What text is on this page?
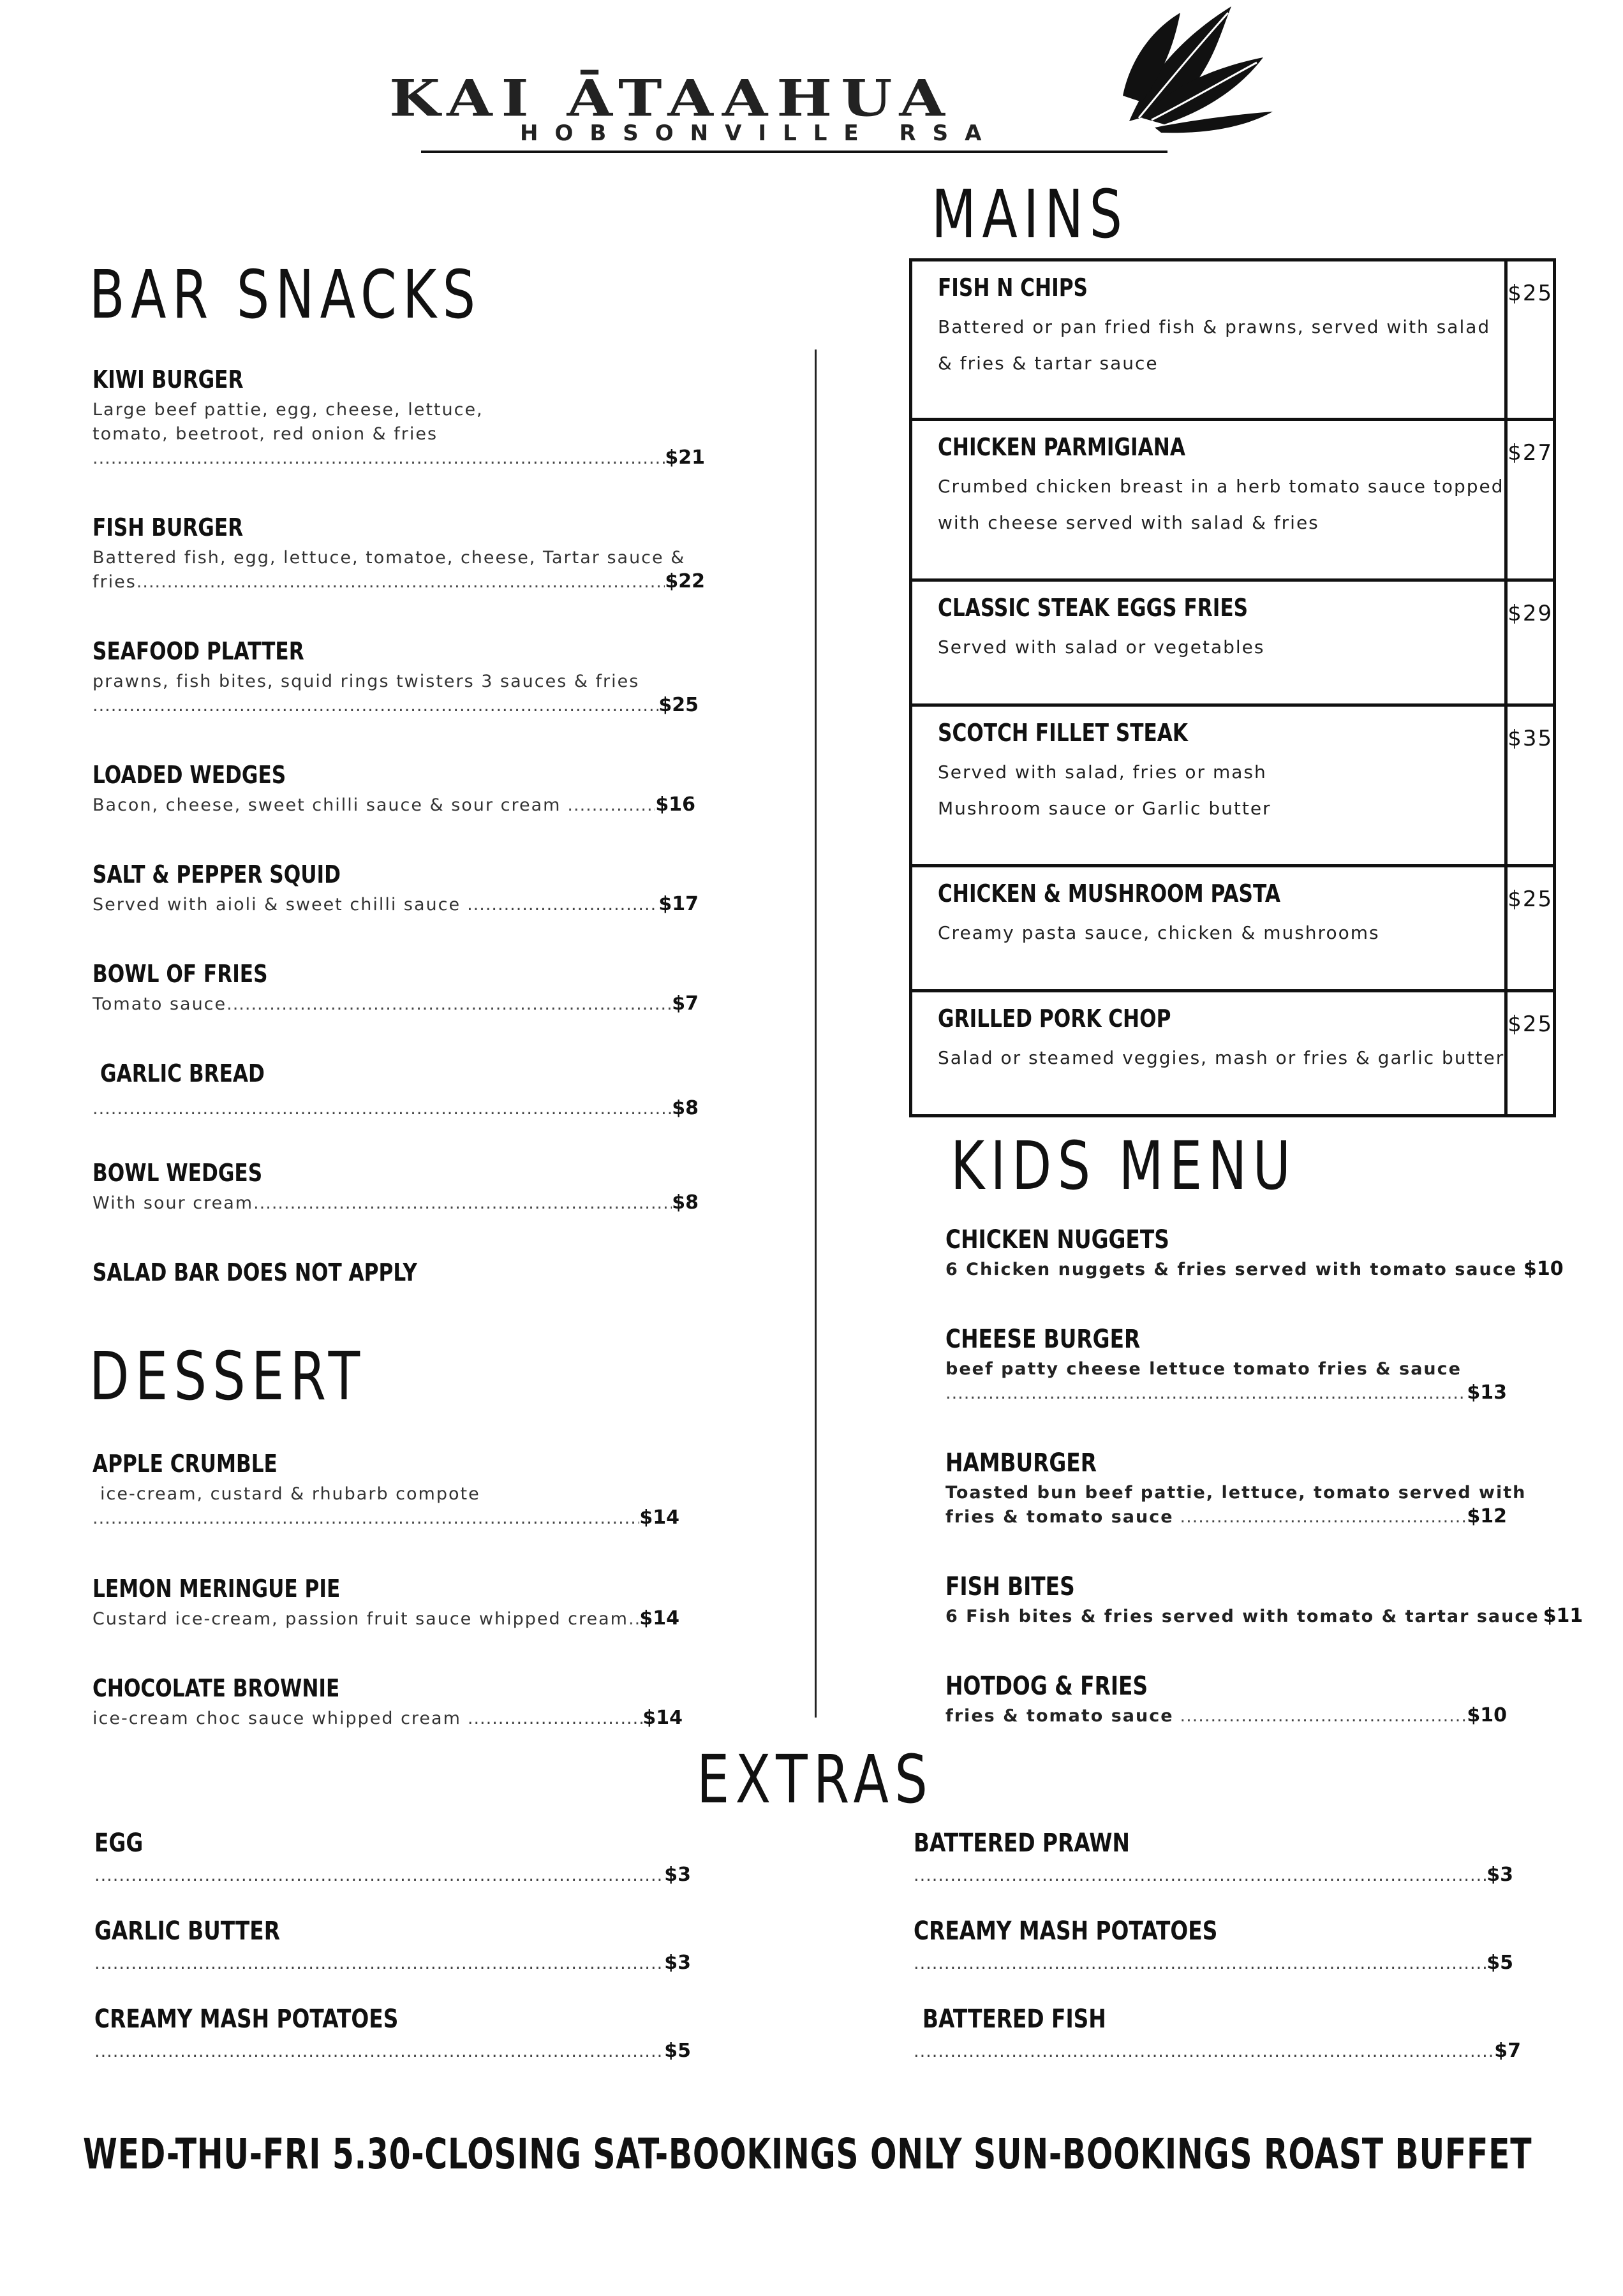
KAI ĀTAAHUA
HOBSONVILLE RSA
BAR SNACKS
KIWI BURGER
Large beef pattie, egg, cheese, lettuce,
tomato, beetroot, red onion & fries
.....
$21
FISH BURGER
Battered fish, egg, lettuce, tomatoe, cheese, Tartar sauce &
fries .....	$22
SEAFOOD PLATTER
prawns, fish bites, squid rings twisters 3 sauces & fries
.....
$25
LOADED WEDGES
Bacon, cheese, sweet chilli sauce & sour cream .....	$16
SALT & PEPPER SQUID
Served with aioli & sweet chilli sauce .....	$17
BOWL OF FRIES
Tomato sauce .....	$7
GARLIC BREAD
.....
$8
BOWL WEDGES
With sour cream .....	$8
SALAD BAR DOES NOT APPLY
DESSERT
APPLE CRUMBLE
ice-cream, custard & rhubarb compote
.....
$14
LEMON MERINGUE PIE
Custard ice-cream, passion fruit sauce whipped cream ..... $14
CHOCOLATE BROWNIE
ice-cream choc sauce whipped cream .....	$14
MAINS
FISH N CHIPS
Battered or pan fried fish & prawns, served with salad
& fries & tartar sauce	$25

CHICKEN PARMIGIANA
Crumbed chicken breast in a herb tomato sauce topped
with cheese served with salad & fries	$27

CLASSIC STEAK EGGS FRIES
Served with salad or vegetables	$29

SCOTCH FILLET STEAK
Served with salad, fries or mash
Mushroom sauce or Garlic butter	$35

CHICKEN & MUSHROOM PASTA
Creamy pasta sauce, chicken & mushrooms	$25

GRILLED PORK CHOP
Salad or steamed veggies, mash or fries & garlic butter	$25
KIDS MENU
CHICKEN NUGGETS
6 Chicken nuggets & fries served with tomato sauce $10
CHEESE BURGER
beef patty cheese lettuce tomato fries & sauce
.....
$13
HAMBURGER
Toasted bun beef pattie, lettuce, tomato served with
fries & tomato sauce .....	$12
FISH BITES
6 Fish bites & fries served with tomato & tartar sauce $11
HOTDOG & FRIES
fries & tomato sauce .....	$10
EXTRAS
EGG
.....
$3
GARLIC BUTTER
.....
$3
CREAMY MASH POTATOES
.....
$5
BATTERED PRAWN
.....
$3
CREAMY MASH POTATOES
.....
$5
BATTERED FISH
.....
$7
WED-THU-FRI 5.30-CLOSING SAT-BOOKINGS ONLY SUN-BOOKINGS ROAST BUFFET
